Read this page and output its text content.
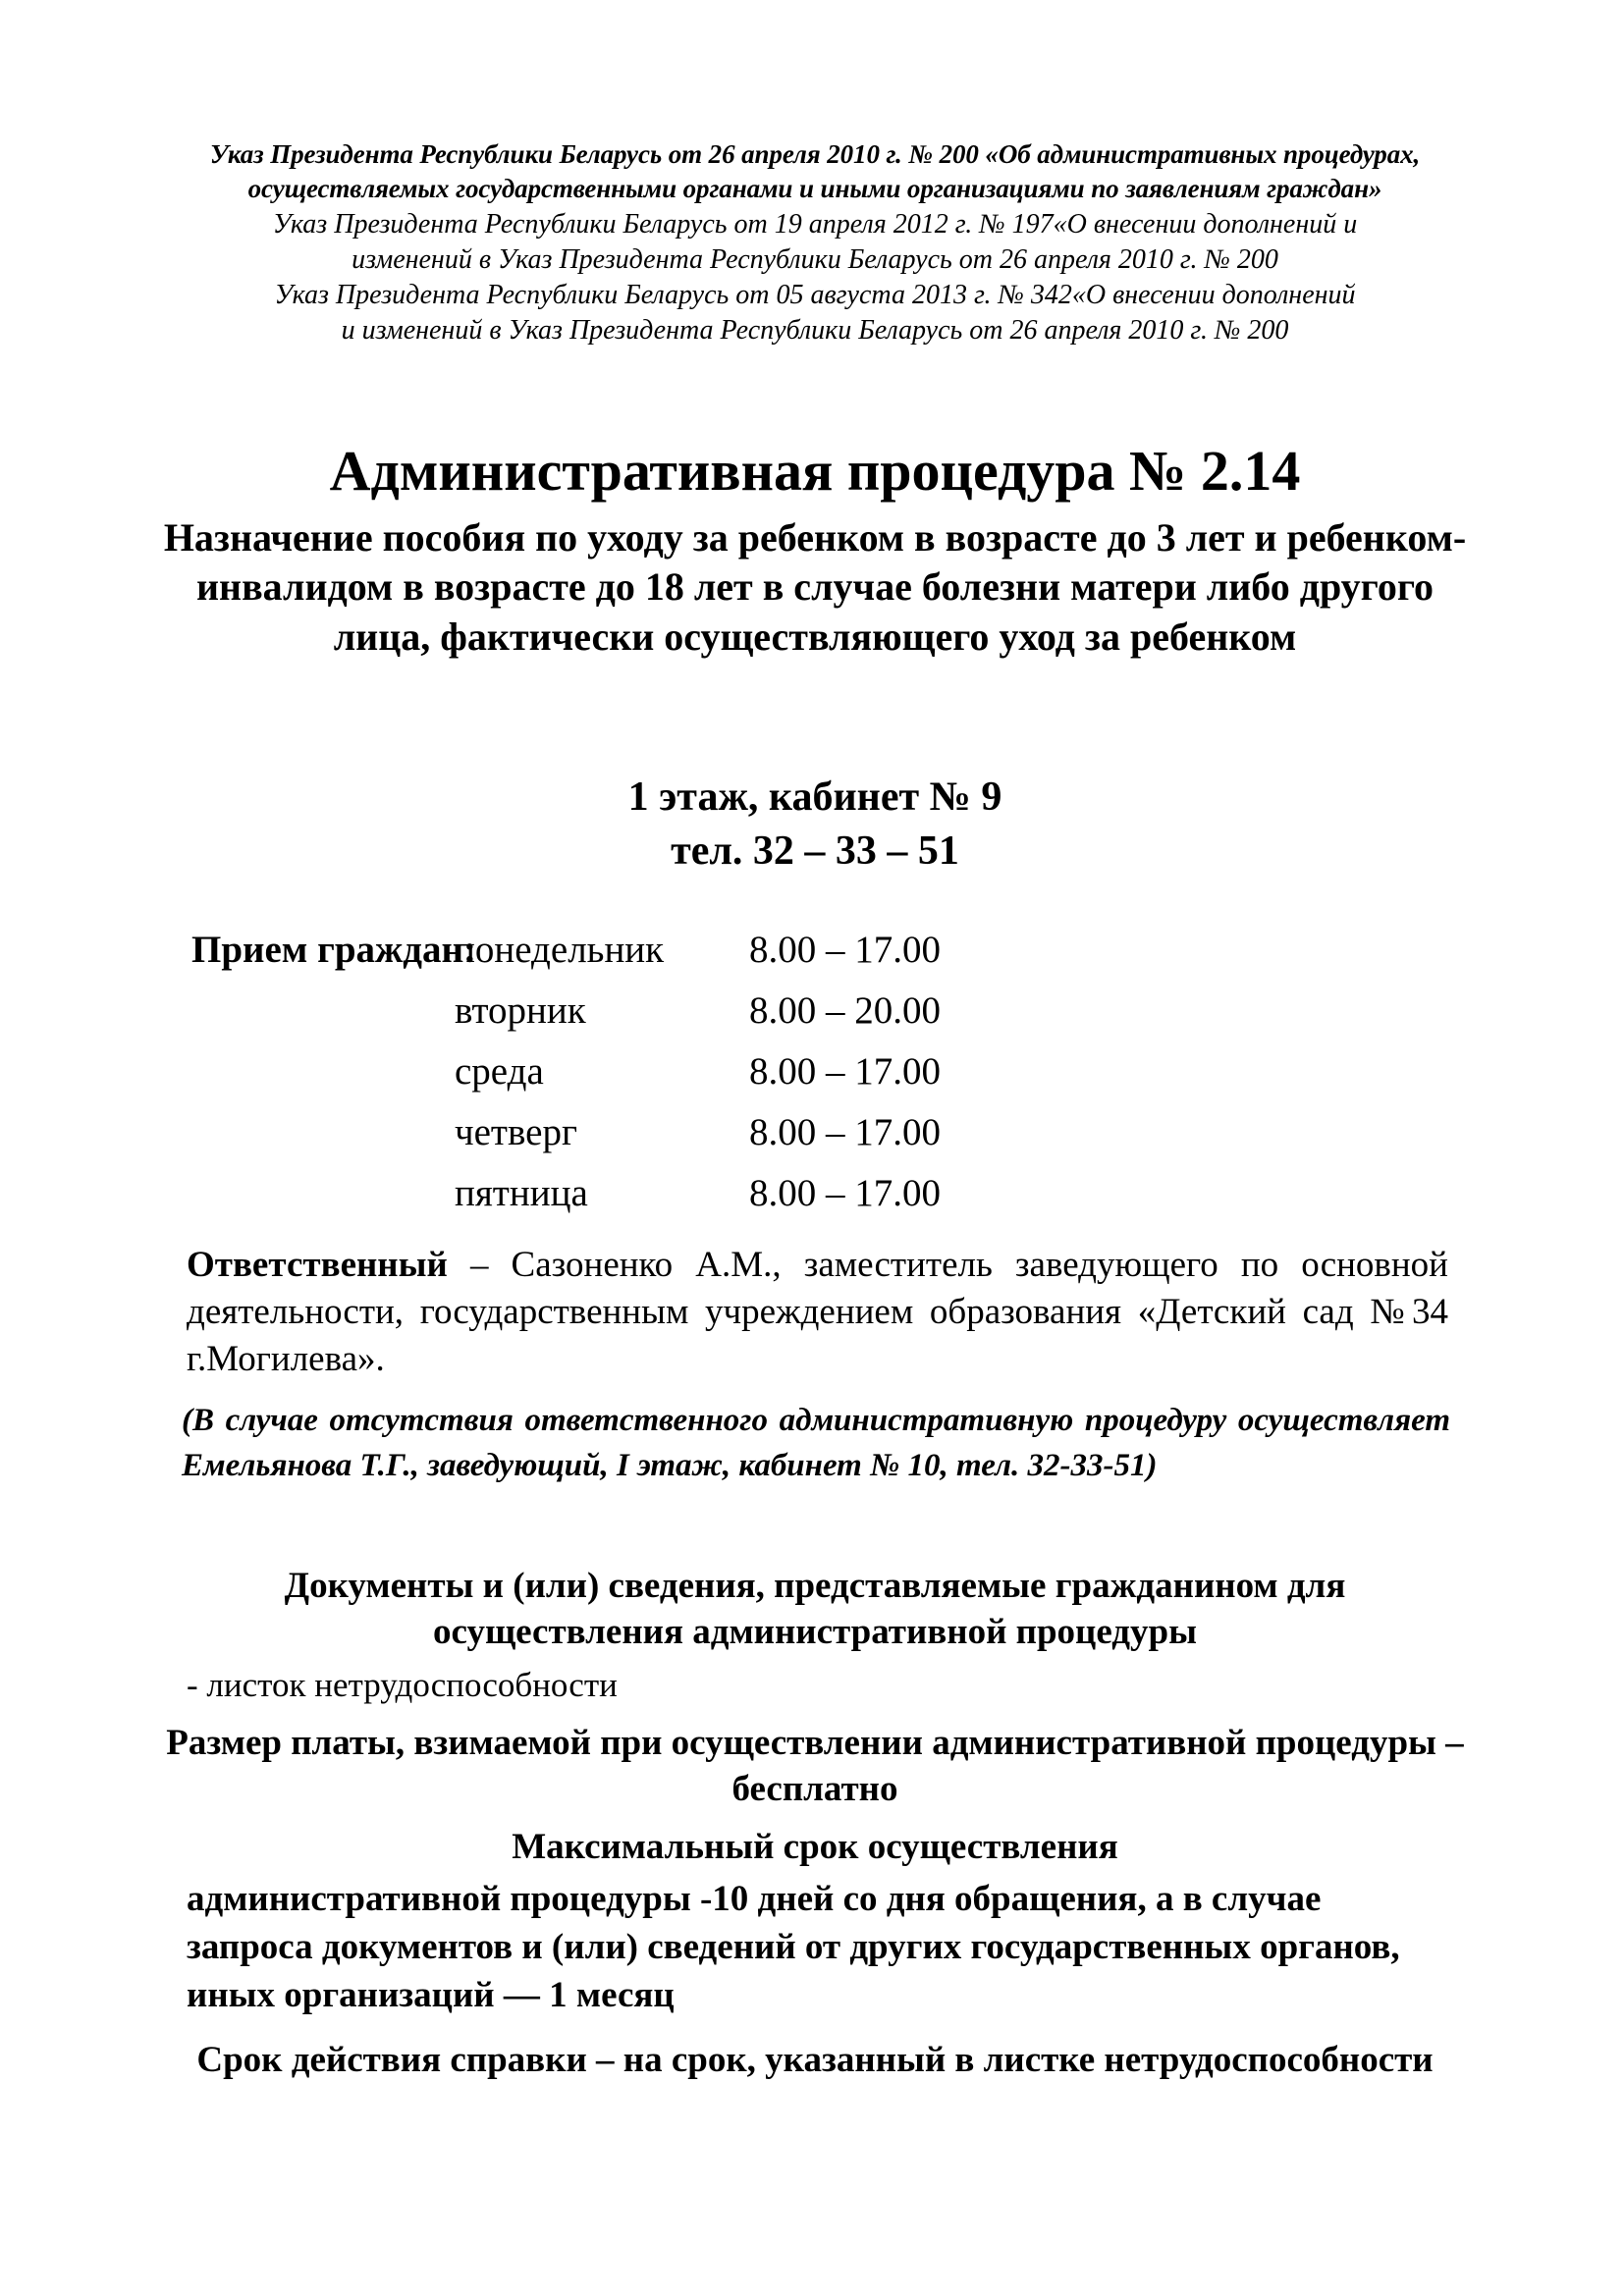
Указ Президента Республики Беларусь от 26 апреля 2010 г. № 200 «Об административных процедурах, осуществляемых государственными органами и иными организациями по заявлениям граждан»

Указ Президента Республики Беларусь от 19 апреля 2012 г. № 197«О внесении дополнений и

изменений в Указ Президента Республики Беларусь от 26 апреля 2010 г. № 200

Указ Президента Республики Беларусь от 05 августа 2013 г. № 342«О внесении дополнений

и изменений в Указ Президента Республики Беларусь от 26 апреля 2010 г. № 200

Административная процедура № 2.14
Назначение пособия по уходу за ребенком в возрасте до 3 лет и ребенком-инвалидом в возрасте до 18 лет в случае болезни матери либо другого лица, фактически осуществляющего уход за ребенком
1 этаж, кабинет № 9
тел. 32 – 33 – 51
Прием граждан:
понедельник	8.00 – 17.00
вторник	8.00 – 20.00
среда	8.00 – 17.00
четверг	8.00 – 17.00
пятница	8.00 – 17.00

Ответственный – Сазоненко А.М., заместитель заведующего по основной деятельности, государственным учреждением образования «Детский сад №34 г.Могилева».

(В случае отсутствия ответственного административную процедуру осуществляет Емельянова Т.Г., заведующий, I этаж, кабинет № 10, тел. 32-33-51)

Документы и (или) сведения, представляемые гражданином для осуществления административной процедуры

- листок нетрудоспособности

Размер платы, взимаемой при осуществлении административной процедуры – бесплатно

Максимальный срок осуществления

административной процедуры -10 дней со дня обращения, а в случае запроса документов и (или) сведений от других государственных органов, иных организаций — 1 месяц

Срок действия справки – на срок, указанный в листке нетрудоспособности
